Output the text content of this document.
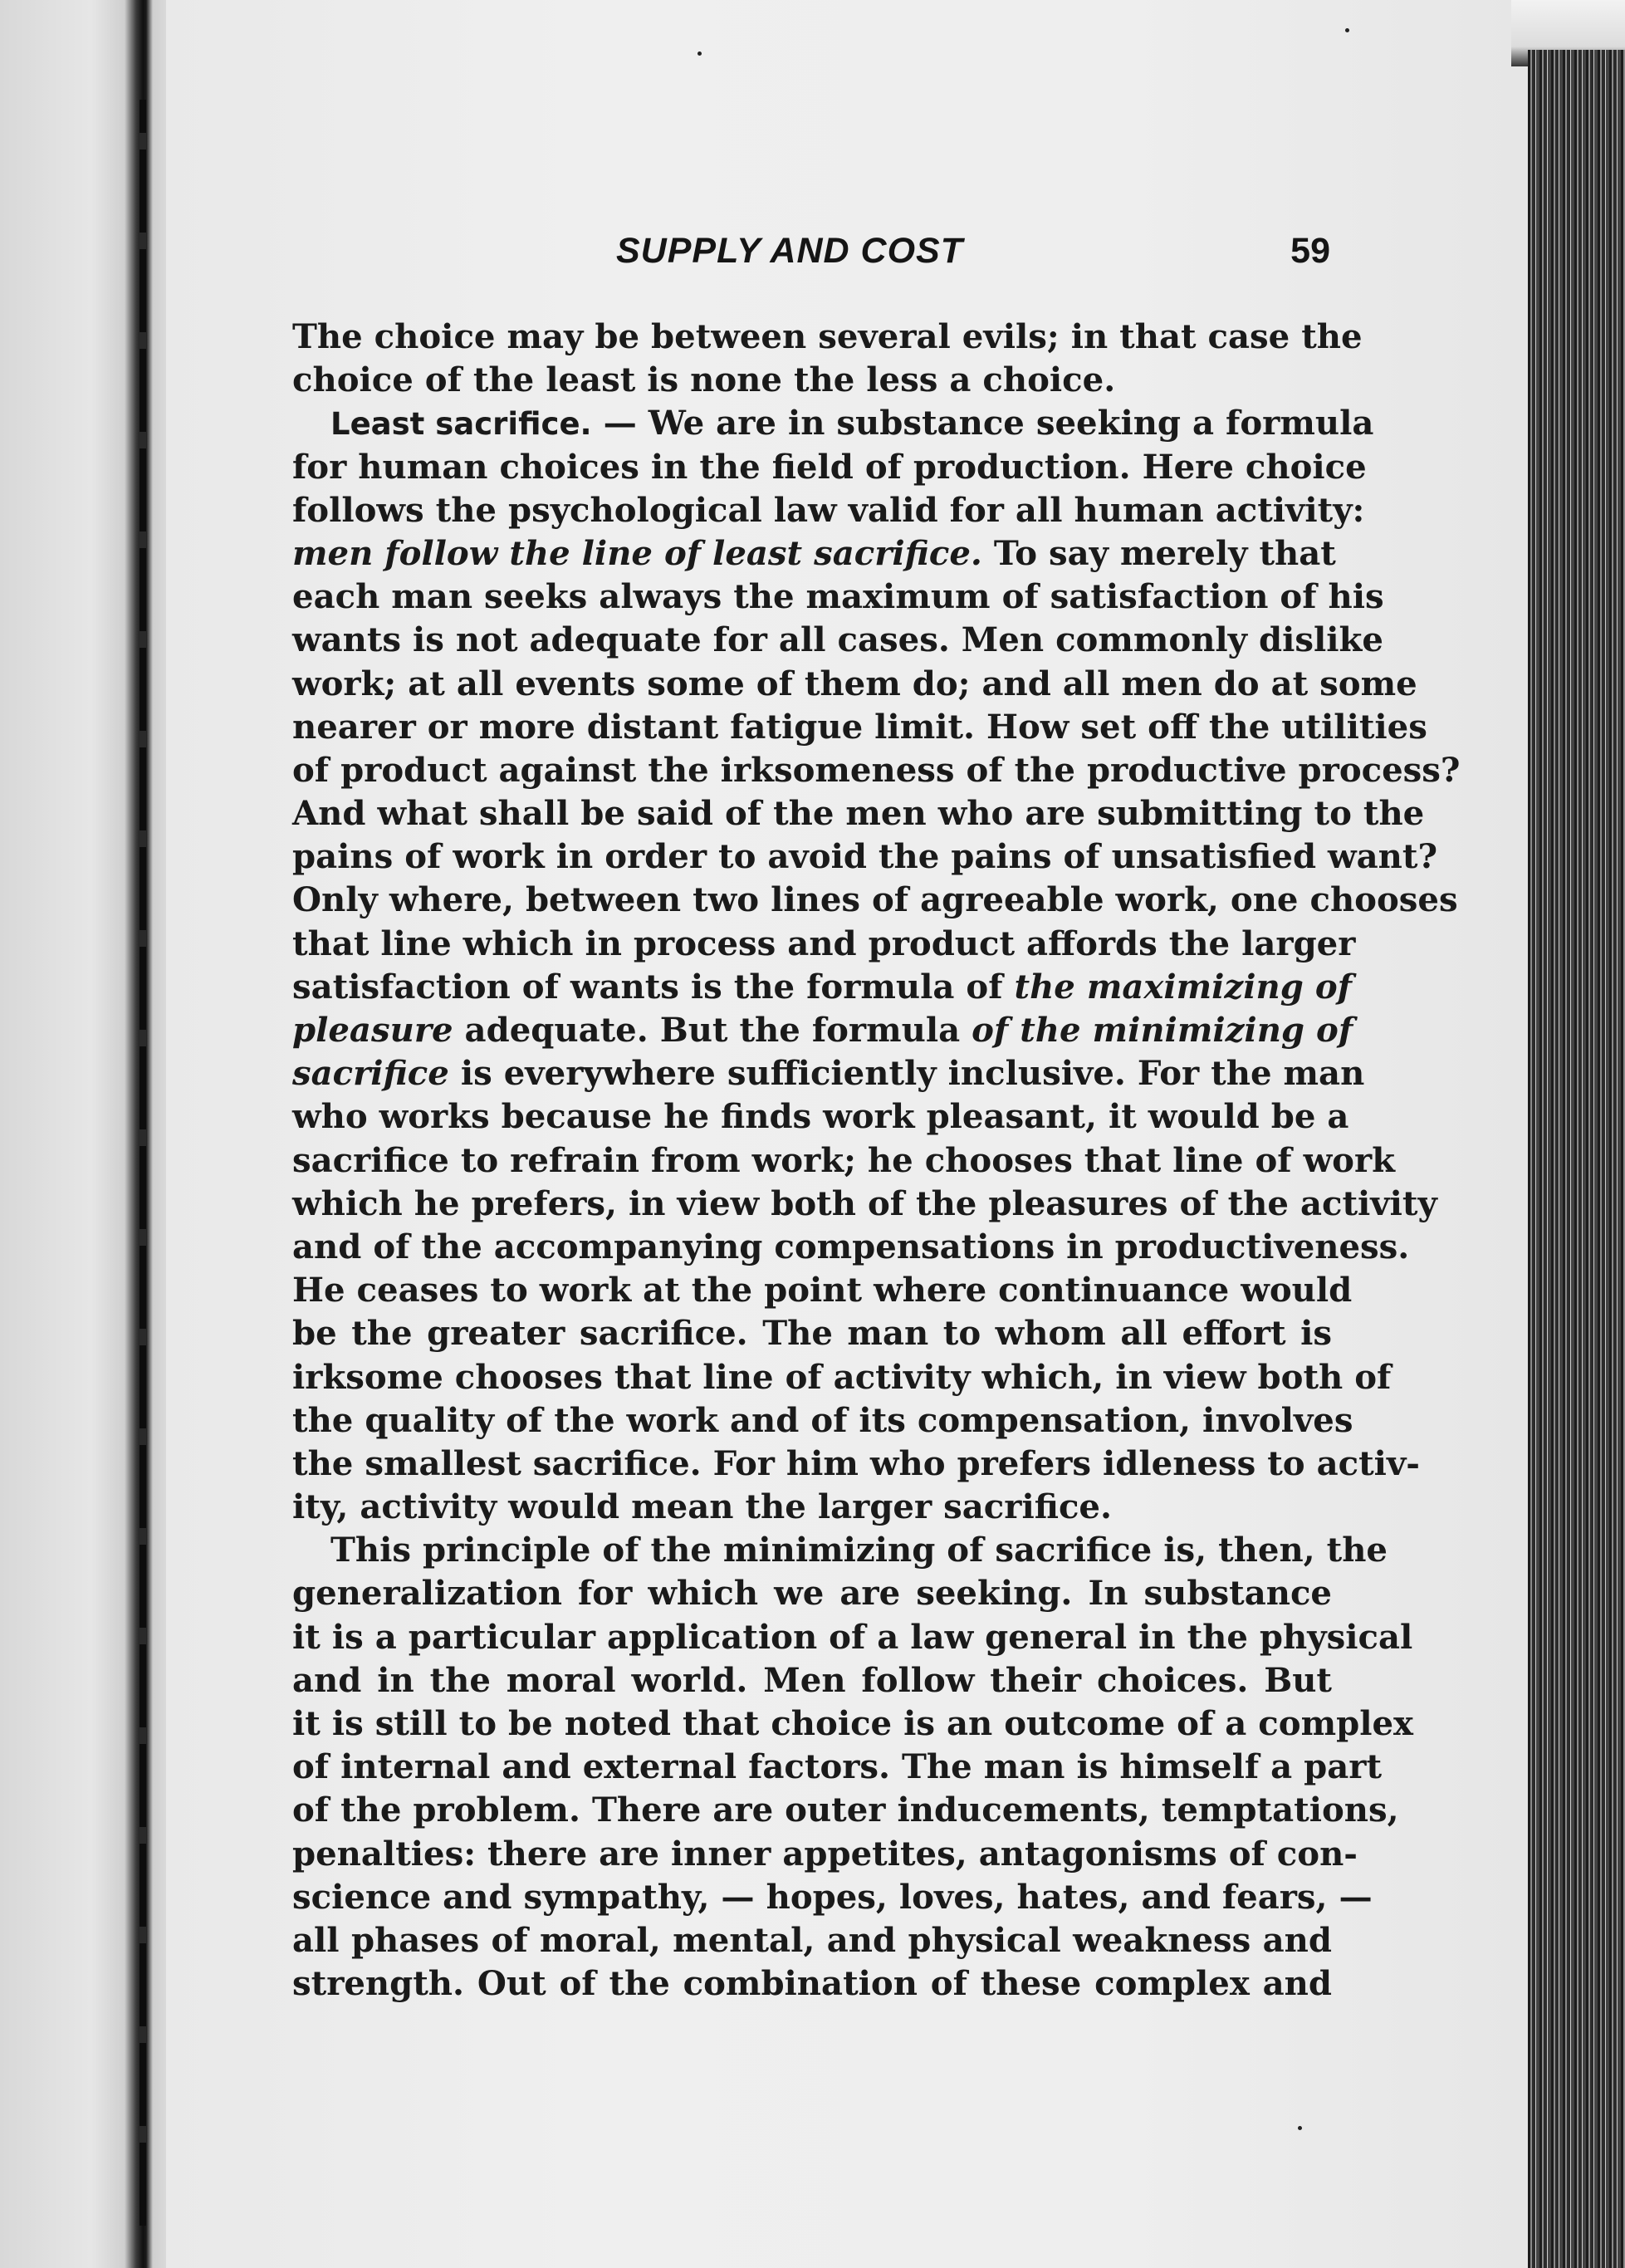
SUPPLY AND COST	59
The choice may be between several evils; in that case the
choice of the least is none the less a choice.
Least sacrifice. — We are in substance seeking a formula
for human choices in the field of production. Here choice
follows the psychological law valid for all human activity:
men follow the line of least sacrifice. To say merely that
each man seeks always the maximum of satisfaction of his
wants is not adequate for all cases. Men commonly dislike
work; at all events some of them do; and all men do at some
nearer or more distant fatigue limit. How set off the utilities
of product against the irksomeness of the productive process?
And what shall be said of the men who are submitting to the
pains of work in order to avoid the pains of unsatisfied want?
Only where, between two lines of agreeable work, one chooses
that line which in process and product affords the larger
satisfaction of wants is the formula of the maximizing of
pleasure adequate. But the formula of the minimizing of
sacrifice is everywhere sufficiently inclusive. For the man
who works because he finds work pleasant, it would be a
sacrifice to refrain from work; he chooses that line of work
which he prefers, in view both of the pleasures of the activity
and of the accompanying compensations in productiveness.
He ceases to work at the point where continuance would
be the greater sacrifice. The man to whom all effort is
irksome chooses that line of activity which, in view both of
the quality of the work and of its compensation, involves
the smallest sacrifice. For him who prefers idleness to activ-
ity, activity would mean the larger sacrifice.
This principle of the minimizing of sacrifice is, then, the
generalization for which we are seeking. In substance
it is a particular application of a law general in the physical
and in the moral world. Men follow their choices. But
it is still to be noted that choice is an outcome of a complex
of internal and external factors. The man is himself a part
of the problem. There are outer inducements, temptations,
penalties: there are inner appetites, antagonisms of con-
science and sympathy, — hopes, loves, hates, and fears, —
all phases of moral, mental, and physical weakness and
strength. Out of the combination of these complex and
